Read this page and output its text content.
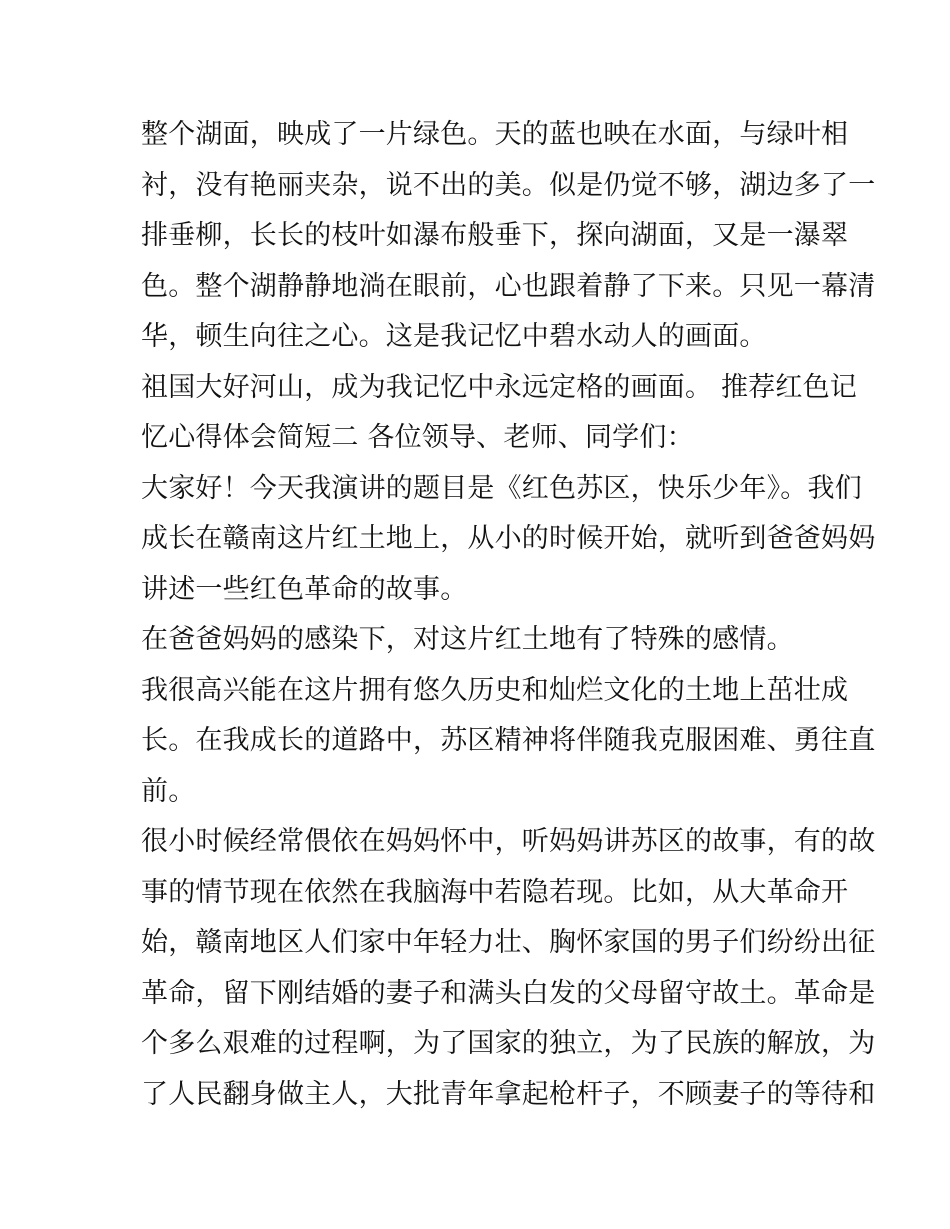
整个湖面，映成了一片绿色。天的蓝也映在水面，与绿叶相
衬，没有艳丽夹杂，说不出的美。似是仍觉不够，湖边多了一
排垂柳，长长的枝叶如瀑布般垂下，探向湖面，又是一瀑翠
色。整个湖静静地淌在眼前，心也跟着静了下来。只见一幕清
华，顿生向往之心。这是我记忆中碧水动人的画面。
祖国大好河山，成为我记忆中永远定格的画面。 推荐红色记
忆心得体会简短二 各位领导、老师、同学们：
大家好！今天我演讲的题目是《红色苏区，快乐少年》。我们
成长在赣南这片红土地上，从小的时候开始，就听到爸爸妈妈
讲述一些红色革命的故事。
在爸爸妈妈的感染下，对这片红土地有了特殊的感情。
我很高兴能在这片拥有悠久历史和灿烂文化的土地上茁壮成
长。在我成长的道路中，苏区精神将伴随我克服困难、勇往直
前。
很小时候经常偎依在妈妈怀中，听妈妈讲苏区的故事，有的故
事的情节现在依然在我脑海中若隐若现。比如，从大革命开
始，赣南地区人们家中年轻力壮、胸怀家国的男子们纷纷出征
革命，留下刚结婚的妻子和满头白发的父母留守故土。革命是
个多么艰难的过程啊，为了国家的独立，为了民族的解放，为
了人民翻身做主人，大批青年拿起枪杆子，不顾妻子的等待和
